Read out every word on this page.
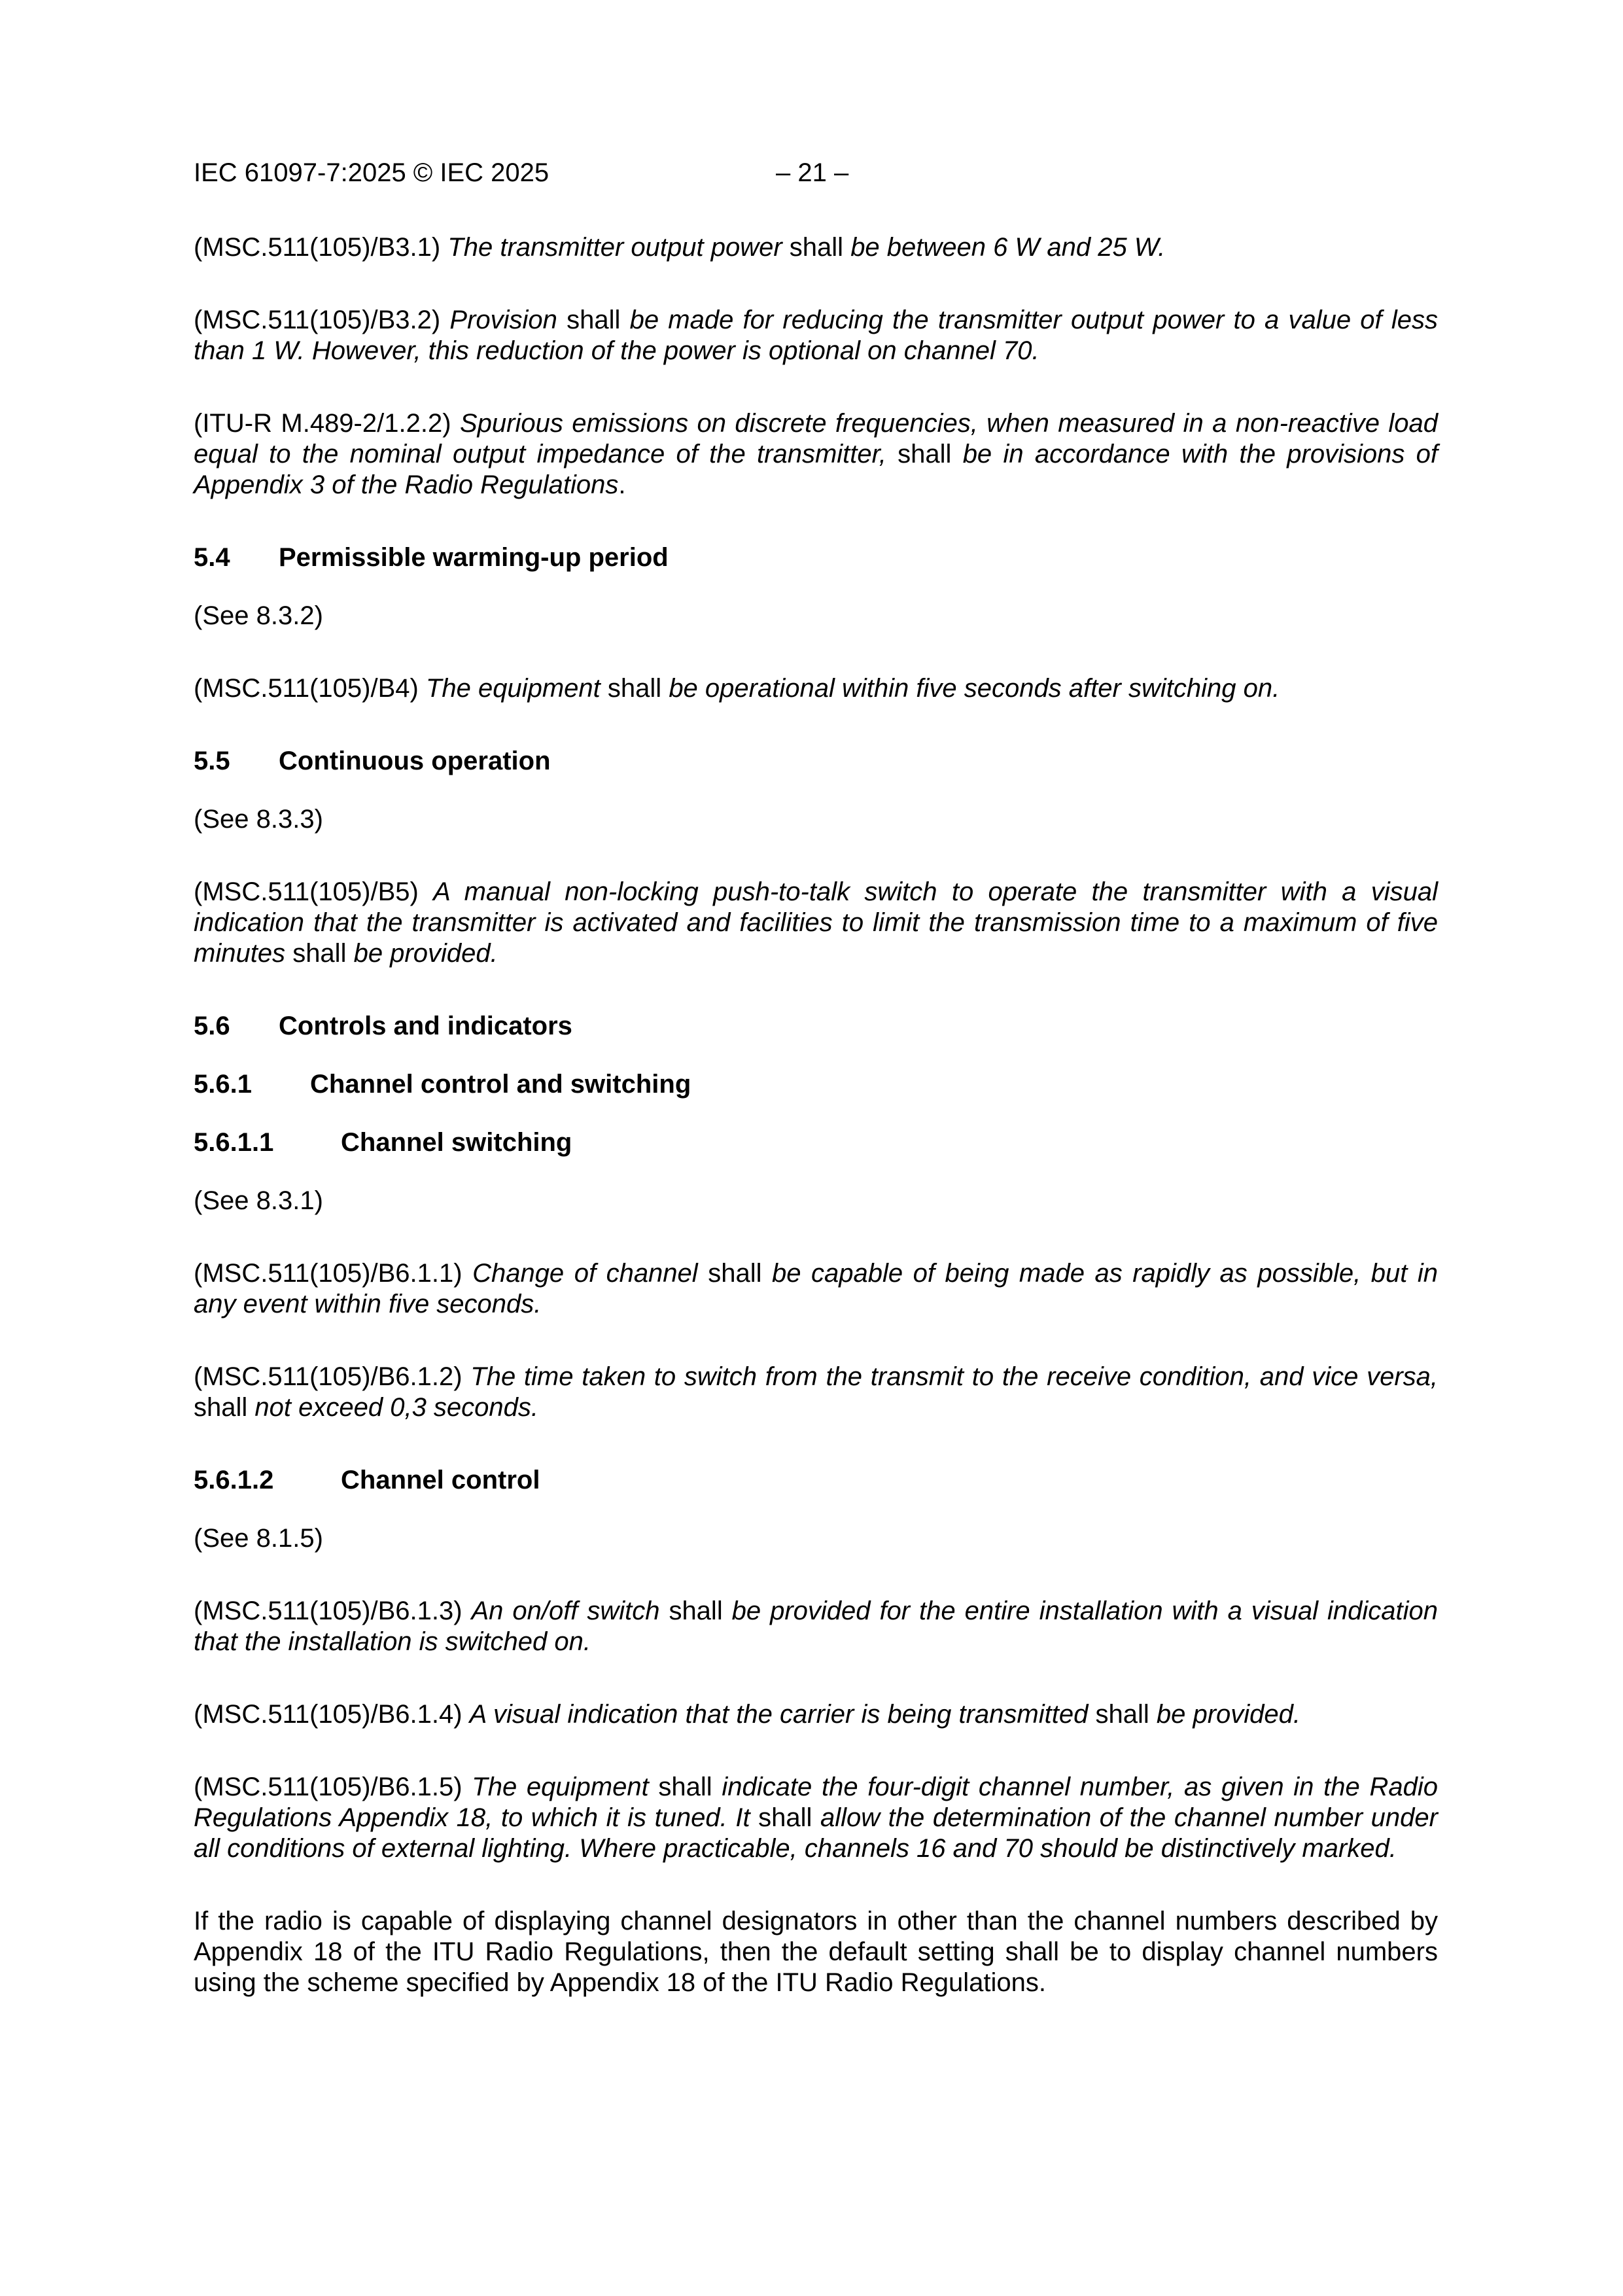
IEC 61097-7:2025 © IEC 2025	– 21 –

(MSC.511(105)/B3.1) The transmitter output power shall be between 6 W and 25 W.

(MSC.511(105)/B3.2) Provision shall be made for reducing the transmitter output power to a value of less than 1 W. However, this reduction of the power is optional on channel 70.

(ITU-R M.489-2/1.2.2) Spurious emissions on discrete frequencies, when measured in a non-reactive load equal to the nominal output impedance of the transmitter, shall be in accordance with the provisions of Appendix 3 of the Radio Regulations.

5.4 Permissible warming-up period

(See 8.3.2)

(MSC.511(105)/B4) The equipment shall be operational within five seconds after switching on.

5.5 Continuous operation

(See 8.3.3)

(MSC.511(105)/B5) A manual non-locking push-to-talk switch to operate the transmitter with a visual indication that the transmitter is activated and facilities to limit the transmission time to a maximum of five minutes shall be provided.

5.6 Controls and indicators

5.6.1 Channel control and switching

5.6.1.1	Channel switching

(See 8.3.1)

(MSC.511(105)/B6.1.1) Change of channel shall be capable of being made as rapidly as possible, but in any event within five seconds.

(MSC.511(105)/B6.1.2) The time taken to switch from the transmit to the receive condition, and vice versa, shall not exceed 0,3 seconds.

5.6.1.2	Channel control

(See 8.1.5)

(MSC.511(105)/B6.1.3) An on/off switch shall be provided for the entire installation with a visual indication that the installation is switched on.

(MSC.511(105)/B6.1.4) A visual indication that the carrier is being transmitted shall be provided.

(MSC.511(105)/B6.1.5) The equipment shall indicate the four-digit channel number, as given in the Radio Regulations Appendix 18, to which it is tuned. It shall allow the determination of the channel number under all conditions of external lighting. Where practicable, channels 16 and 70 should be distinctively marked.

If the radio is capable of displaying channel designators in other than the channel numbers described by Appendix 18 of the ITU Radio Regulations, then the default setting shall be to display channel numbers using the scheme specified by Appendix 18 of the ITU Radio Regulations.
